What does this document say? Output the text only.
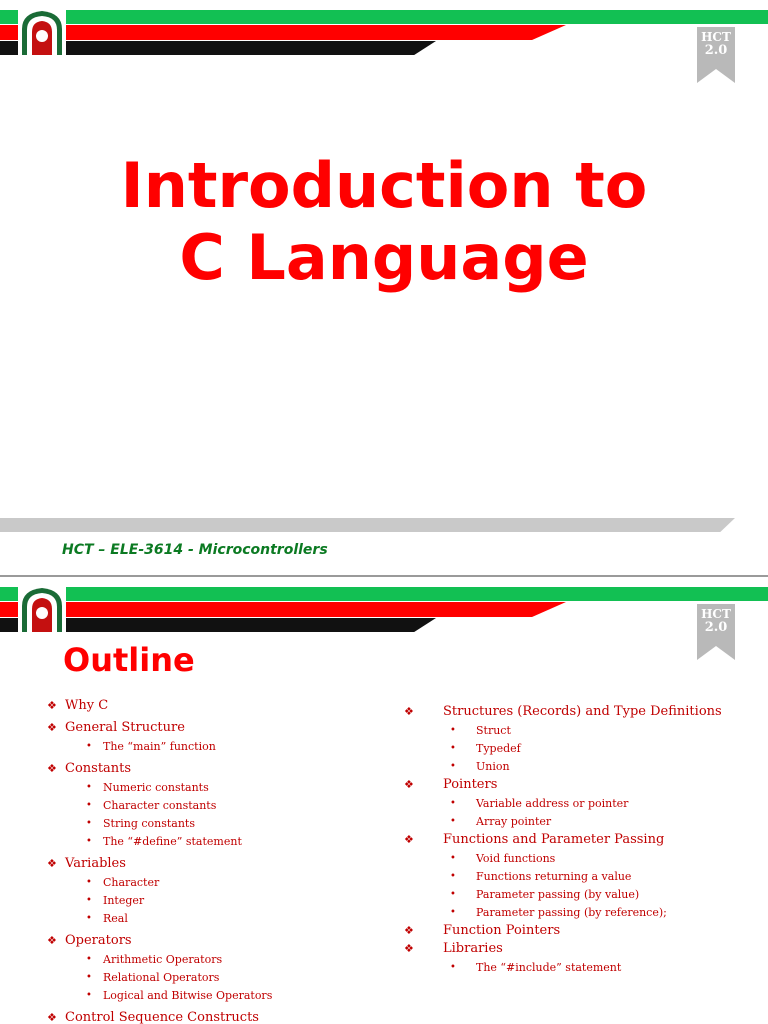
HCT
2.0
Introduction to
C Language
HCT – ELE-3614 - Microcontrollers
HCT
2.0
Outline
❖ Why C
❖ General Structure
• The “main” function
❖ Constants
• Numeric constants
• Character constants
• String constants
• The “#define” statement
❖ Variables
• Character
• Integer
• Real
❖ Operators
• Arithmetic Operators
• Relational Operators
• Logical and Bitwise Operators
❖ Control Sequence Constructs
❖ Structures (Records) and Type Definitions
• Struct
• Typedef
• Union
❖ Pointers
• Variable address or pointer
• Array pointer
❖ Functions and Parameter Passing
• Void functions
• Functions returning a value
• Parameter passing (by value)
• Parameter passing (by reference);
❖ Function Pointers
❖ Libraries
• The “#include” statement
